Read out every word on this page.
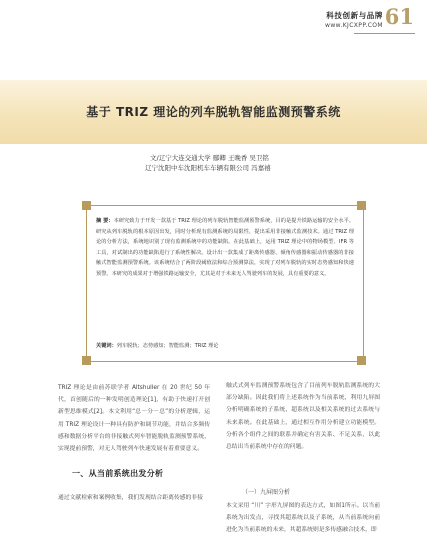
科技创新与品牌
www.KJCXPP.COM 61
基于 TRIZ 理论的列车脱轨智能监测预警系统
文/辽宁大连交通大学 鄢卿 王晚香 吴卫铭
辽宁沈阳中车沈阳机车车辆有限公司 冯嘉禧
摘 要：本研究致力于开发一款基于 TRIZ 理论的列车脱轨智能监测预警系统，目的是提升铁路运输的安全水平。研究从列车脱轨的根本原因出发，同时分析现有监测系统的局限性，提出采用非接触式监测技术。通过 TRIZ 理论的分析方法，系统地识别了现有监测系统中的功能缺陷。在此基础上，运用 TRIZ 理论中的物场模型、IFR 等工具，对试制出的功能缺陷进行了系统性解决。设计出一款集成了距离传感器、倾角传感器和振动传感器的非接触式智能监测预警系统。该系统结合了两阶段阈值法和综合预测算法，实现了对列车脱轨的实时态势感知和快速预警。本研究的成果对于增强铁路运输安全，尤其是对于未来无人驾驶列车的发展，具有重要的意义。
关键词：列车脱轨；态势感知；智能监测；TRIZ 理论
TRIZ 理论是由前苏联学者 Altshuller 在 20 世纪 50 年代，首创随后的一种发明创造理论[1]，有助于快速打开创新型思维模式[2]。本文利用“总－分－总”的分析逻辑，运用 TRIZ 理论设计一种具有防护和调节功能，并结合多频传感和数据分析平台的非接触式列车智能脱轨监测预警系统，实现提前预警，对无人驾驶列车快速发展有着重要意义。
一、从当前系统出发分析
通过文献检索和案例收集，我们发现结合距离传感的非接
触式式列车监测预警系统包含了目前列车脱轨监测系统的大部分缺陷。因此我们将上述系统作为当前系统，利用九屏图分析明确系统的子系统、超系统以及相关系统的过去系统与未来系统。在此基础上，通过相互作用分析建立功能模型。分析各个组件之间的联系并确定有害关系、不足关系，以此总结出当前系统中存在的问题。
（一）九屏图分析
本文采用 “川” 字形九屏图的表达方式，如图1所示。以当前系统为出发点，寻找其超系统以及子系统，从当前系统向前进化为当前系统的未来，其超系统则是多传感融合技术，即
